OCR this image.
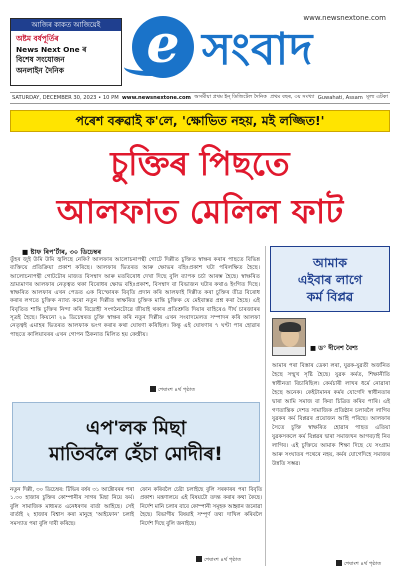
আজিৰ কাকত আজিয়েই
অষ্টম বৰ্ষপূৰ্তিৰ
News Next One ৰ
বিশেষ সংযোজন
অনলাইন দৈনিক	e	www.newsnextone.com
সংবাদ
SATURDAY, DECEMBER 30, 2023 • 10 PM www.newsnextone.com অসমীয়া প্ৰথম ইন্‌ ডিজিটেল দৈনিক প্ৰথম বছৰ, ৩য় সংখ্যা Guwahati, Assam মূল্য এটকা
পৰেশ বৰুৱাই ক'লে, 'ক্ষোভিত নহয়, মই লজ্জিত!'
চুক্তিৰ পিছতে
আলফাত মেলিল ফাট
■ ষ্টাফ ৰিপ'ৰ্টাৰ, ৩০ ডিচেম্বৰ
তুঁহৰ জুই উমি উমি জ্বলিছে নেকি? আলফাৰ আলোচনাপন্থী গোটে দিল্লীত চুক্তিত স্বাক্ষৰ কৰাৰ পাছতে বিভিন্ন ব্যক্তিয়ে প্ৰতিক্ৰিয়া প্ৰকাশ কৰিছে। আলফাৰ ভিতৰত আৰু ক্ষোভৰ বহিঃপ্ৰকাশ ঘটা পৰিলক্ষিত হৈছে। আলোচনাপন্থী গোটটোৰ মাজত বিসম্বাদ আৰু মতবিৰোধ দেখা দিছে বুলি ব্যাপক চৰ্চা আৰম্ভ হৈছে। স্বাক্ষৰিত ভ্ৰাম্যমাণৰ আলফাৰ নেতৃত্বত থকা বিৰোধৰ ক্ষোভ বহিঃপ্ৰকাশ, বিসম্বাদ বা বিভাজন ঘটাৰ কথাও ইংগিত দিছে। স্বাক্ষৰিত আলফাৰ এখন পেডত এক বিস্ফোৰক বিবৃতি প্ৰদান কৰি আলফাই দিল্লীত কৰা চুক্তিৰ তীব্ৰ বিৰোধ কৰাৰ লগতে চুক্তিক ন্যায্য কৰো নতুন দিল্লীত স্বাক্ষৰিত চুক্তিক মান্তি চুক্তিক যে মেইবাস্তৱ প্ৰশ্ন কৰা হৈছে। এই বিবৃতিত শান্তি চুক্তিৰ নিন্দা কৰি বিদ্ৰোহী সংগঠনটোৱে জীয়াই থকাৰ প্ৰতিশ্ৰুতি দিয়াৰ বাহিৰেও দীৰ্ঘ চাৰজাৰৰ সূত্ৰই হৈছে। কিয়নো ২৯ ডিচেম্বৰত চুক্তি স্বাক্ষৰ কৰি নতুন দিল্লীৰ এখন সংবাদমেলত সম্পাদন কৰি আলফা নেতৃত্বই এমাহৰ ভিতৰত আলফাক ভংগ কৰাৰ কথা ঘোষণা কৰিছিল। কিন্তু এই ঘোষণাৰ ৭ ঘণ্টা পাৰ হোৱাৰ পাছতে কালিয়াবৰৰ এখন গোপন ঠিকনাত মিলিত হয় কেন্দ্ৰীয়।
শেষাংশ ৪ৰ্থ পৃষ্ঠাত
আমাক
এইবাৰ লাগে
কৰ্ম বিপ্লৱ
■ ড° দীনেশ বৈশ্য
আমাৰ পৰা বিস্তাৰ ডেকা লৰা, যুৱক-যুৱতী অৰ্জনিত হৈছে সন্মুখ সৃষ্টি হৈছে। যুৱক কৰ্মত, শিক্ষানীতি স্বাধীনতা বিচাৰিছিল। কেৰ্মচাৰী লাখৰ ধৰ্মে নোৱাৰা হৈছে অনেক। কেইটামানৰ কৰ্মৰ যোগেদি স্বাধীনতাৰ দ্বাৰা আমি সমাজ বা কিবা চিত্ৰিত কৰিব পাৰি। এই গণতান্ত্ৰিক দেশত সামাজিক প্ৰতিষ্ঠান চলাবলৈ লাগিব যুৱকৰ কৰ্ম বিপ্লৱৰ প্ৰয়োজন আহি পৰিছে। আলফাৰ সৈতে চুক্তি স্বাক্ষৰিত হোৱাৰ পাছত এতিয়া যুৱকসকলে কৰ্ম বিপ্লৱৰ দ্বাৰা সমাজখন আগবঢ়াই নিব লাগিব। এই চুক্তিয়ে আমাক শিক্ষা দিছে যে সংগ্ৰাম আৰু সংঘাতৰ পথেৰে নহয়, কৰ্মৰ যোগেদিহে সমাজৰ উন্নতি সম্ভৱ।
শেষাংশ ৪ৰ্থ পৃষ্ঠাত
এপ'লক মিছা
মাতিবলৈ হেঁচা মোদীৰ!
নতুন দিল্লী, ৩০ ডিচেম্বৰ: টিভিৰ বৰ্ষৰ ৩১ আক্টোবৰৰ পৰা ১.৩০ হাজাৰ চুক্তিৰ কোম্পানীৰ সাগৰ মিছা নিয়ে ফৰ্ম। বুলি সামাজিক মাধ্যমত এনেধৰণৰ বাৰ্তা আহিছে। সেই বাৰ্তাই ২ হাজাৰ বিশ্বাস কৰা মানুহে ‘আইফোন’ চলাই সমস্যাত পৰা বুলি দাবী কৰিছে।
ফোন কৰিবলৈ চেষ্টা চলাইছে বুলি সৰকাৰৰ পৰা বিবৃতি প্ৰকাশ। মন্ত্ৰণালয়ে এই বিষয়টো তদন্ত কৰাৰ কথা কৈছে। নিৰ্দেশ মানি চলাৰ বাবে কোম্পানী সমূহক আহ্বান জনোৱা হৈছে। বিভাগীয় বিষয়াই সম্পূৰ্ণ তথ্য দাখিল কৰিবলৈ নিৰ্দেশ দিছে বুলি জনাইছে।
শেষাংশ ৪ৰ্থ পৃষ্ঠাত
